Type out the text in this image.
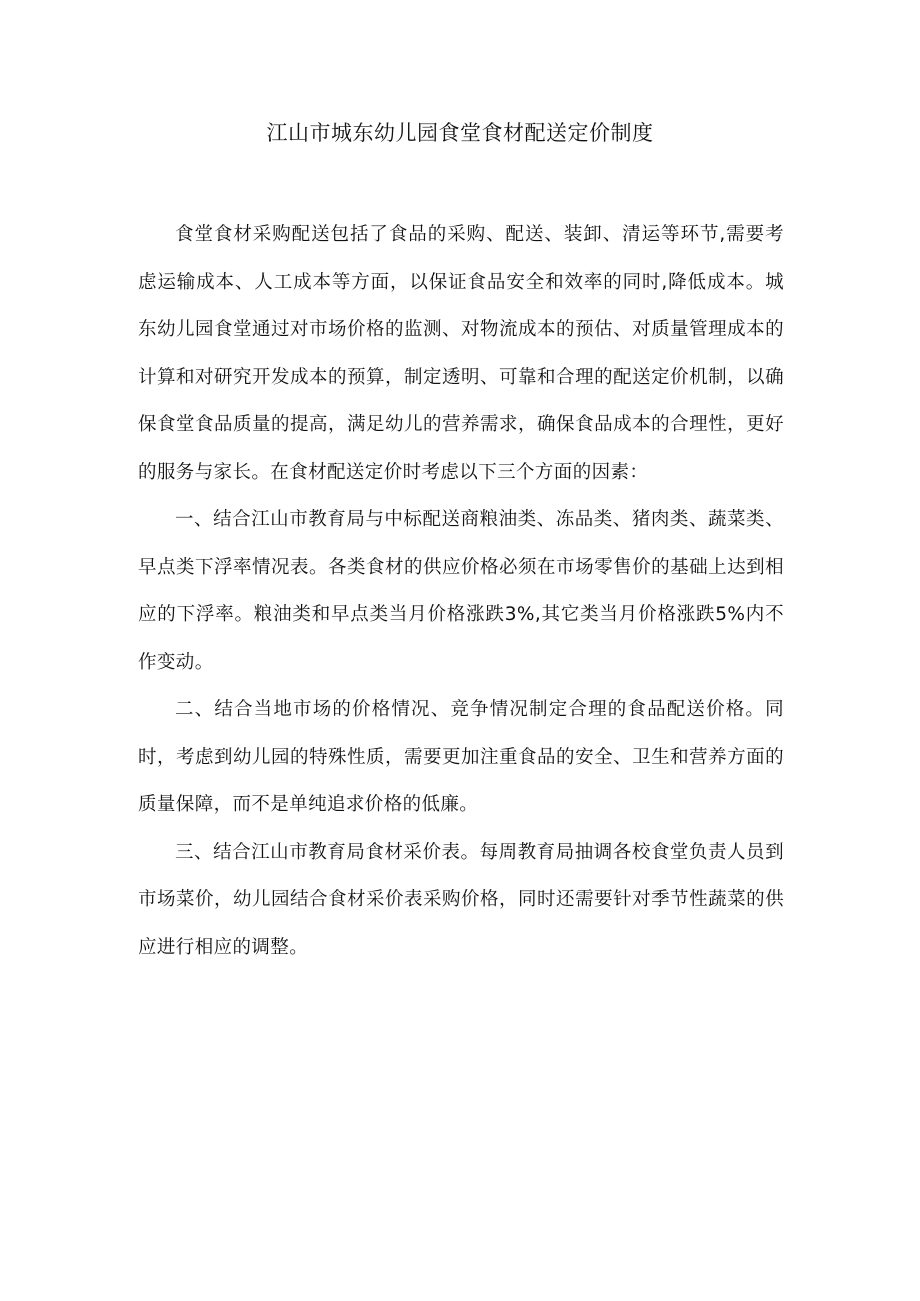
江山市城东幼儿园食堂食材配送定价制度

食堂食材采购配送包括了食品的采购、配送、装卸、清运等环节,需要考虑运输成本、人工成本等方面，以保证食品安全和效率的同时,降低成本。城东幼儿园食堂通过对市场价格的监测、对物流成本的预估、对质量管理成本的计算和对研究开发成本的预算，制定透明、可靠和合理的配送定价机制，以确保食堂食品质量的提高，满足幼儿的营养需求，确保食品成本的合理性，更好的服务与家长。在食材配送定价时考虑以下三个方面的因素：

一、结合江山市教育局与中标配送商粮油类、冻品类、猪肉类、蔬菜类、早点类下浮率情况表。各类食材的供应价格必须在市场零售价的基础上达到相应的下浮率。粮油类和早点类当月价格涨跌3%,其它类当月价格涨跌5%内不作变动。

二、结合当地市场的价格情况、竞争情况制定合理的食品配送价格。同时，考虑到幼儿园的特殊性质，需要更加注重食品的安全、卫生和营养方面的质量保障，而不是单纯追求价格的低廉。

三、结合江山市教育局食材采价表。每周教育局抽调各校食堂负责人员到市场菜价，幼儿园结合食材采价表采购价格，同时还需要针对季节性蔬菜的供应进行相应的调整。
